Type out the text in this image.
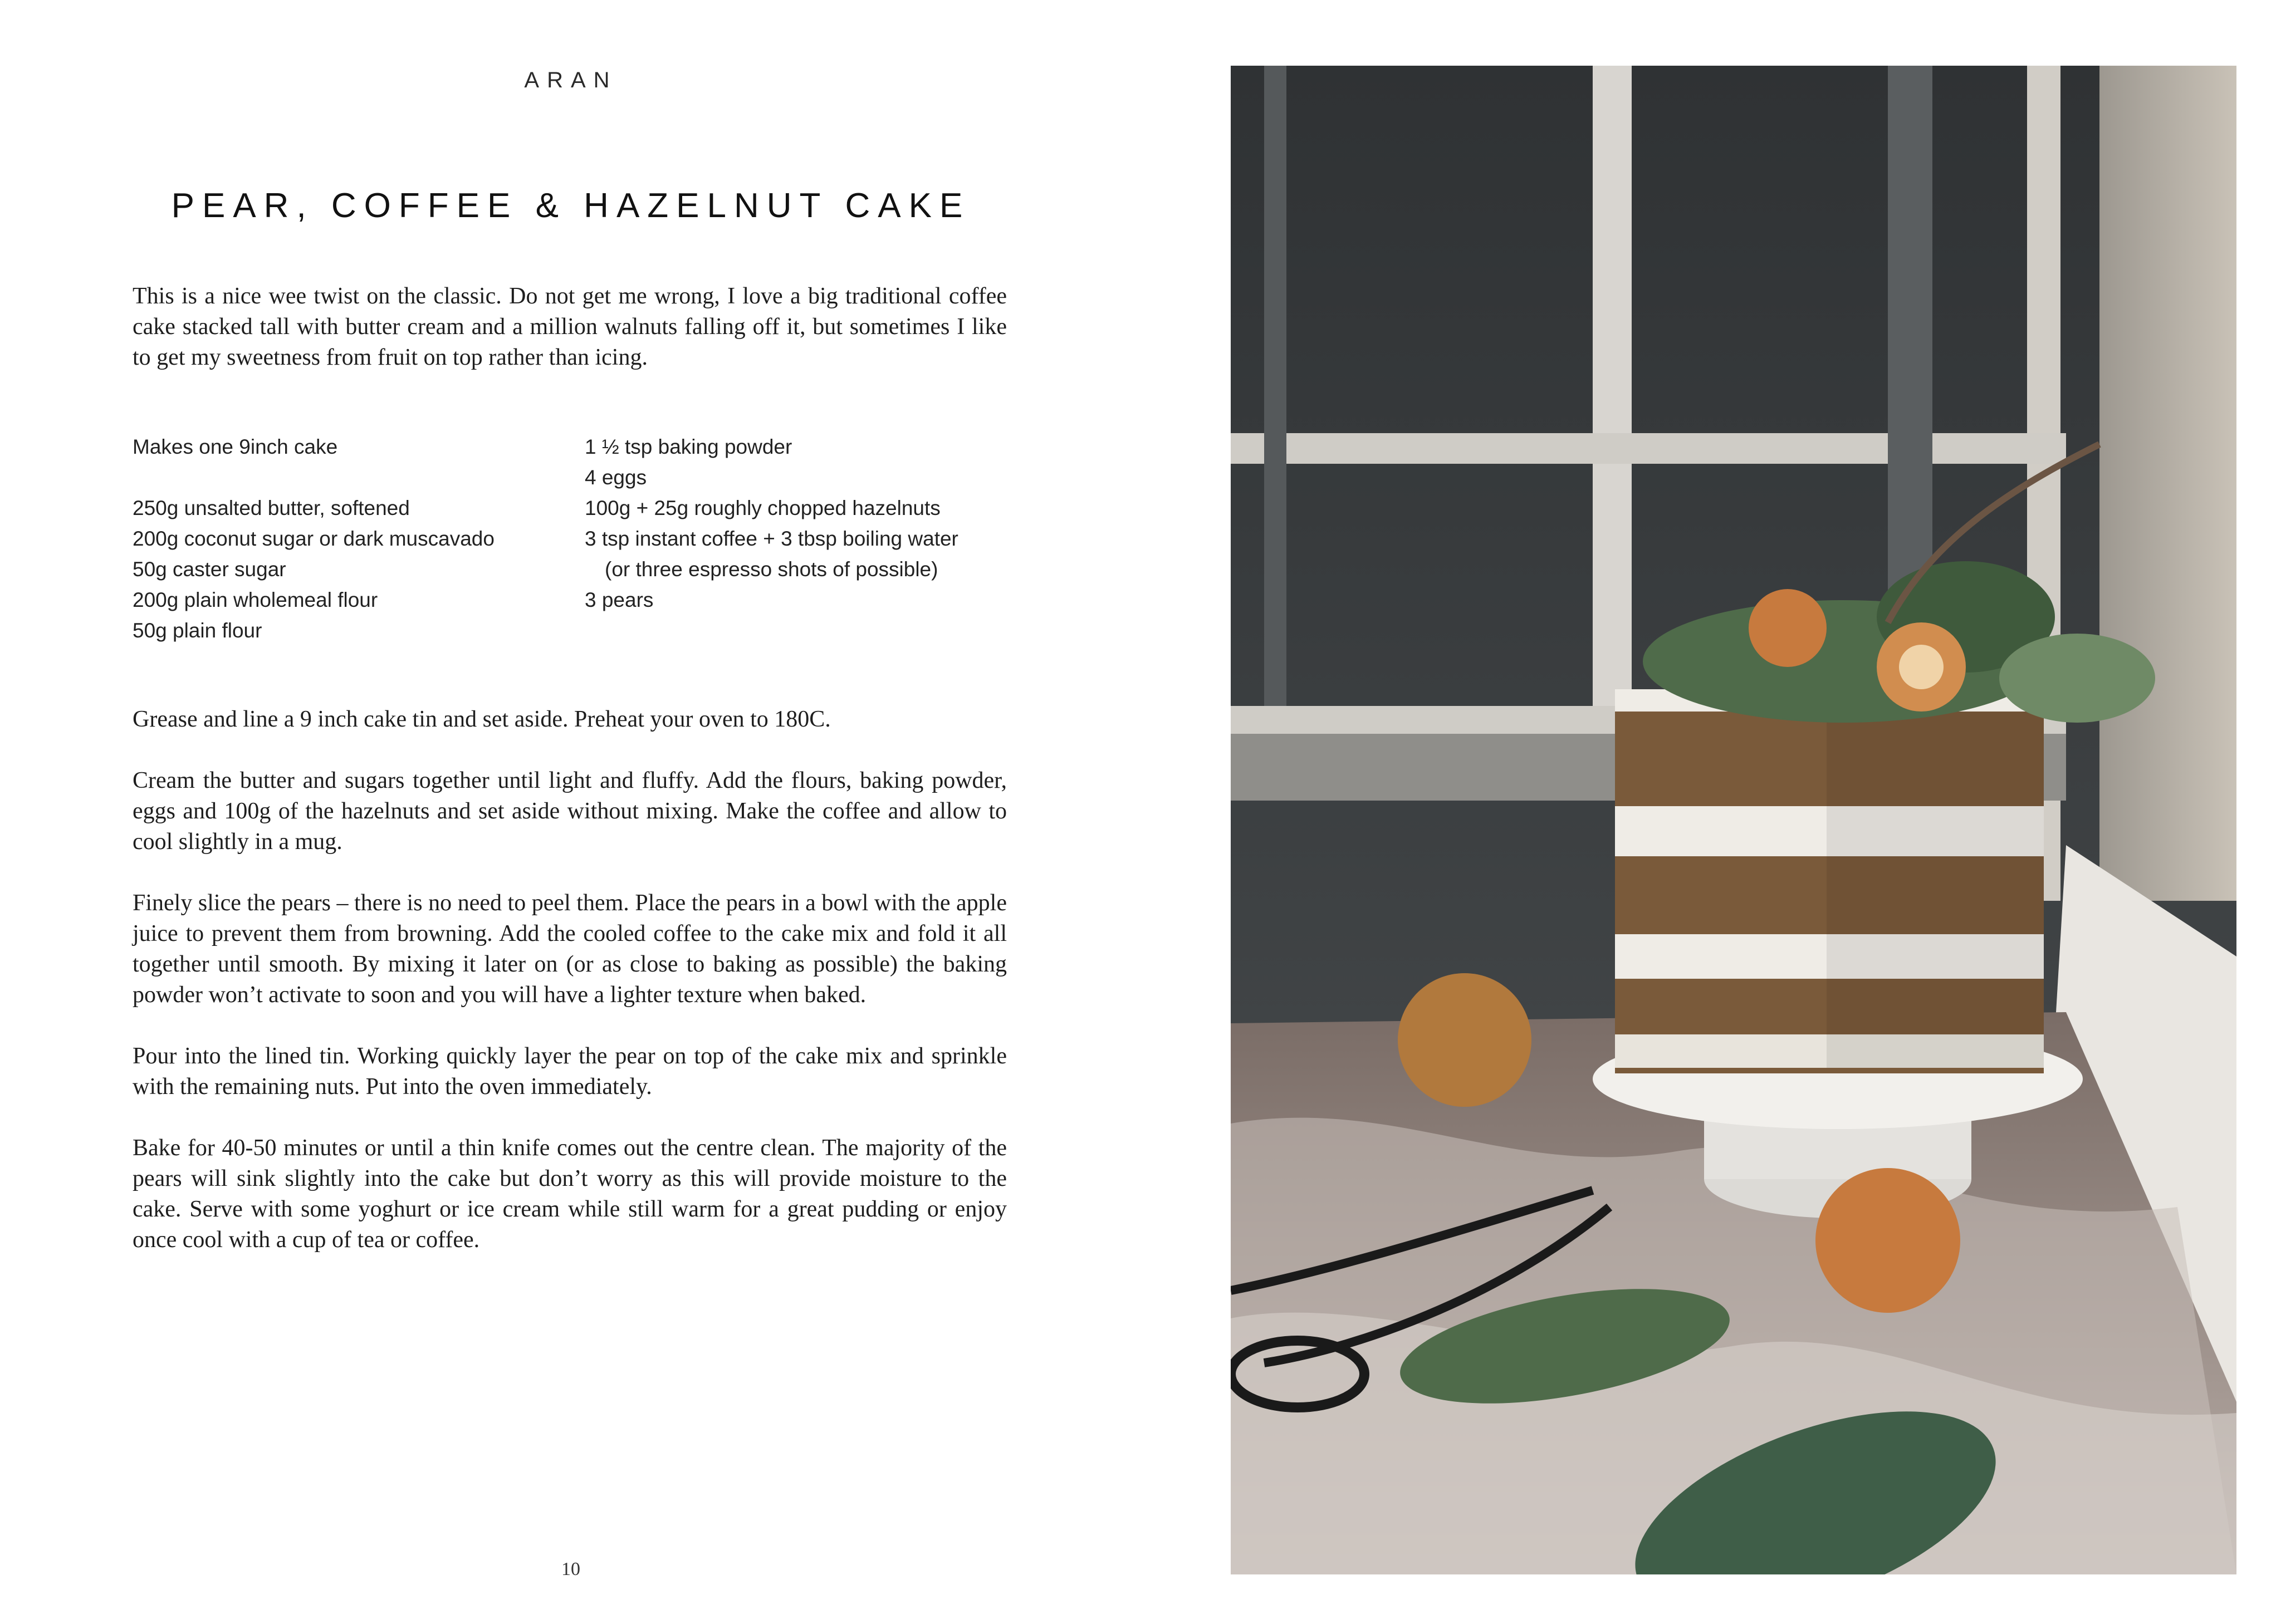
ARAN
PEAR, COFFEE & HAZELNUT CAKE

This is a nice wee twist on the classic. Do not get me wrong, I love a big traditional coffee cake stacked tall with butter cream and a million walnuts falling off it, but sometimes I like to get my sweetness from fruit on top rather than icing.

Makes one 9inch cake
250g unsalted butter, softened
200g coconut sugar or dark muscavado
50g caster sugar
200g plain wholemeal flour
50g plain flour
1 ½ tsp baking powder
4 eggs
100g + 25g roughly chopped hazelnuts
3 tsp instant coffee + 3 tbsp boiling water
(or three espresso shots of possible)
3 pears

Grease and line a 9 inch cake tin and set aside. Preheat your oven to 180C.

Cream the butter and sugars together until light and fluffy. Add the flours, baking powder, eggs and 100g of the hazelnuts and set aside without mixing. Make the coffee and allow to cool slightly in a mug.

Finely slice the pears – there is no need to peel them. Place the pears in a bowl with the apple juice to prevent them from browning. Add the cooled coffee to the cake mix and fold it all together until smooth. By mixing it later on (or as close to baking as possible) the baking powder won’t activate to soon and you will have a lighter texture when baked.

Pour into the lined tin. Working quickly layer the pear on top of the cake mix and sprinkle with the remaining nuts. Put into the oven immediately.

Bake for 40-50 minutes or until a thin knife comes out the centre clean. The majority of the pears will sink slightly into the cake but don’t worry as this will provide moisture to the cake. Serve with some yoghurt or ice cream while still warm for a great pudding or enjoy once cool with a cup of tea or coffee.

10
